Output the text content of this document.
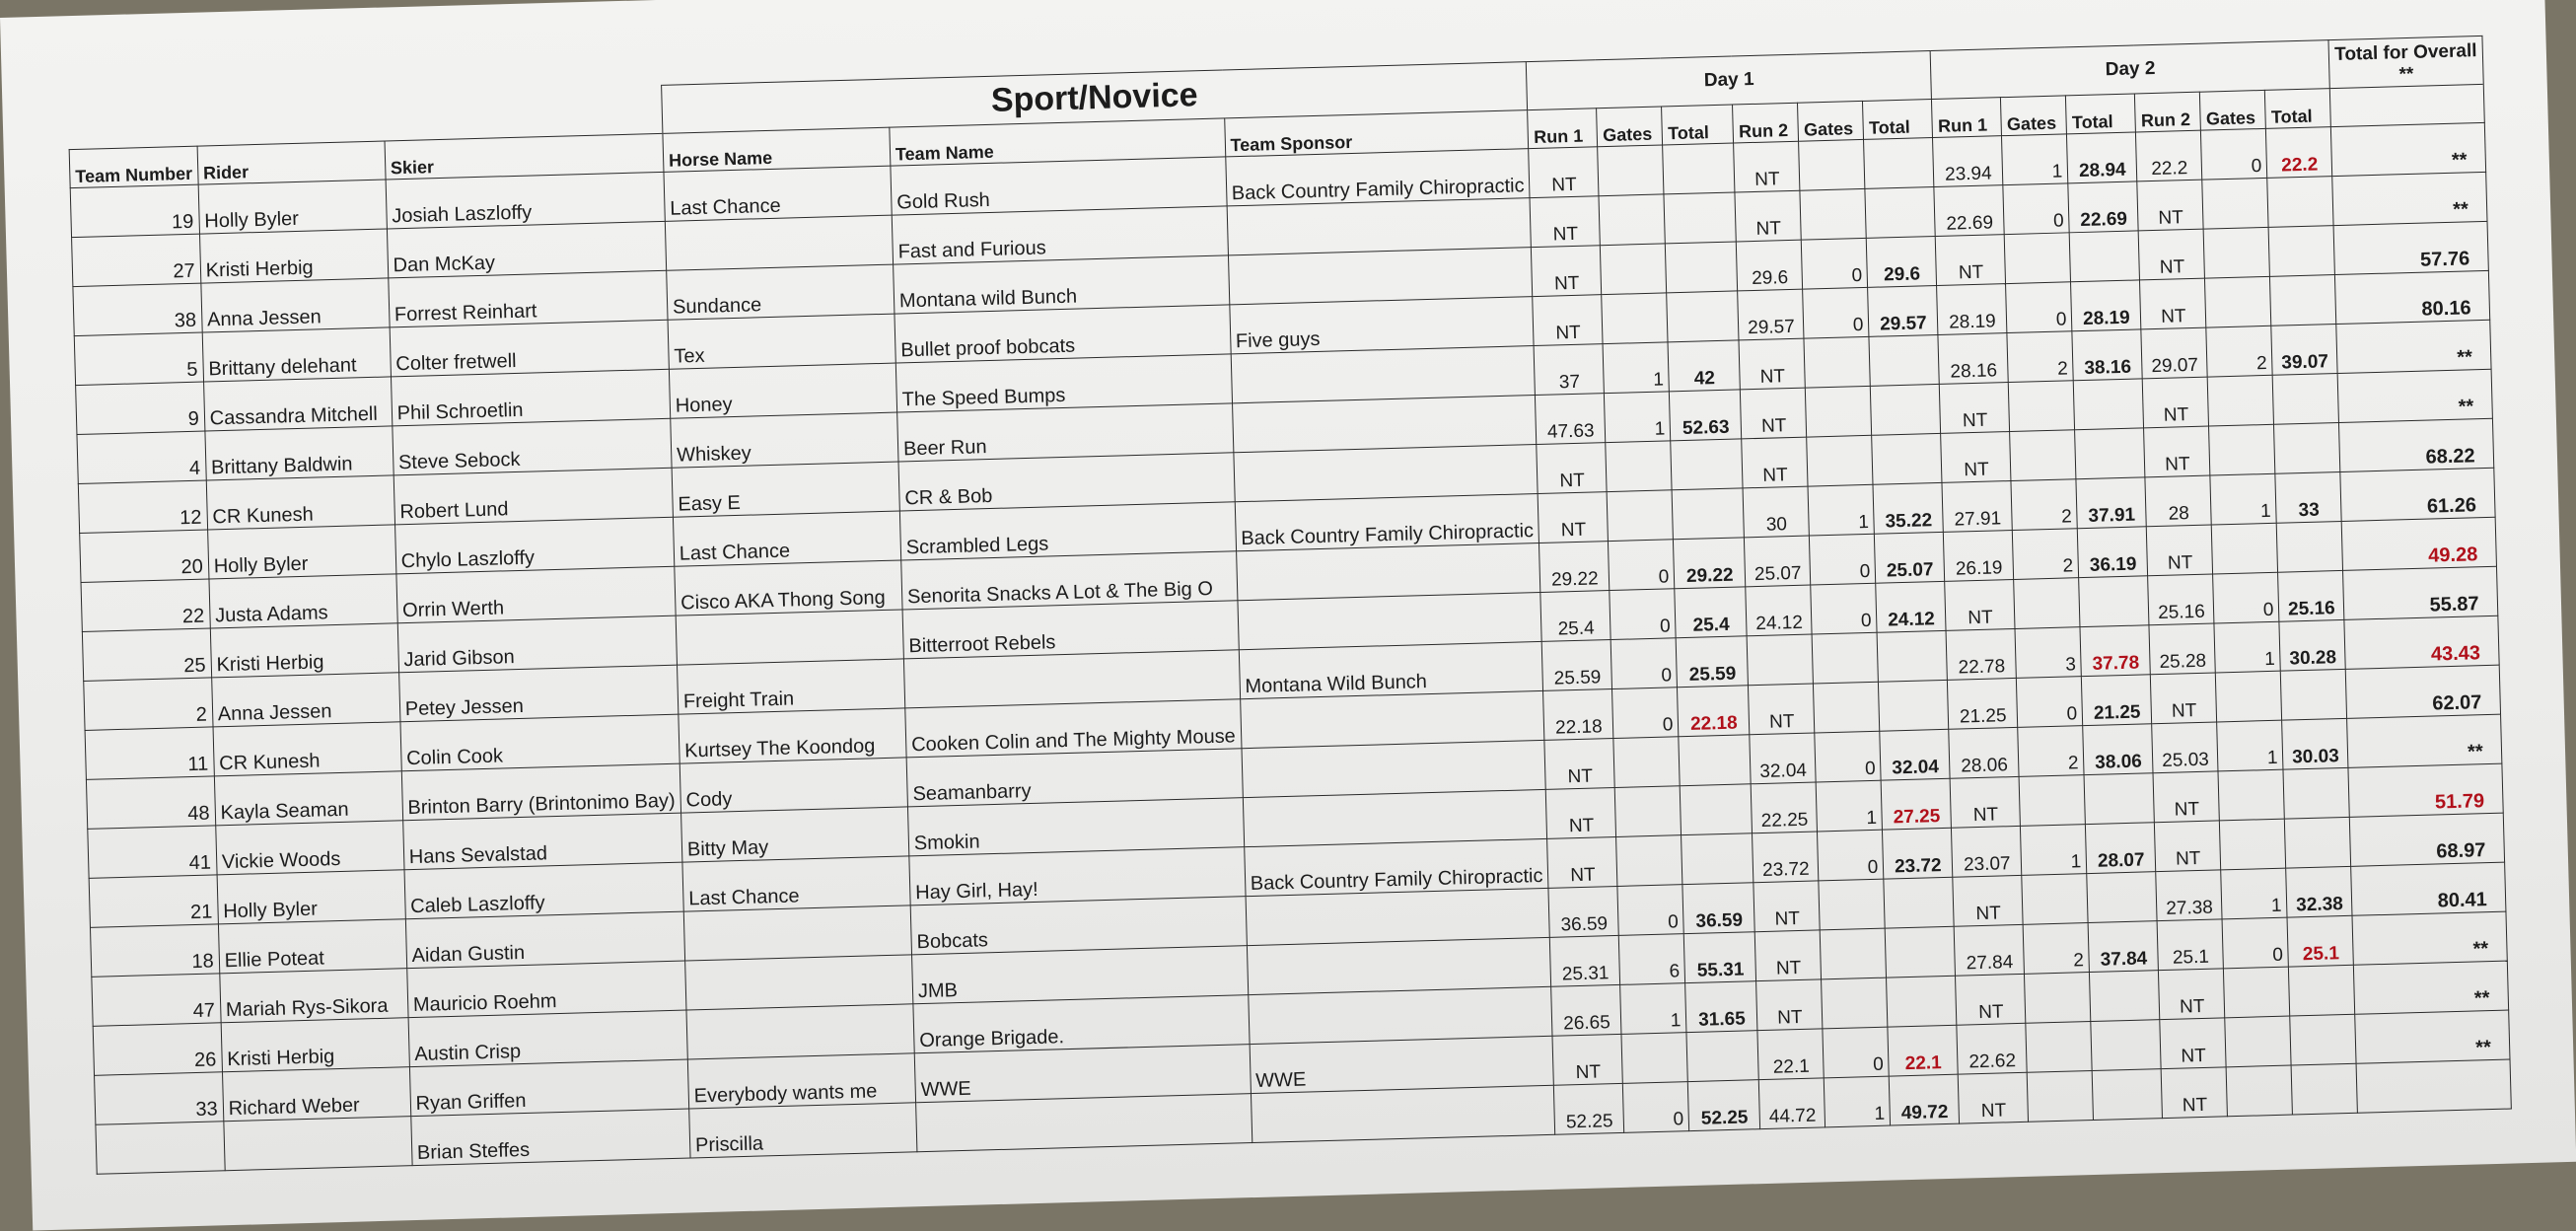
			Sport/Novice			Day 1						Day 2						Total for Overall
**
Team Number	Rider	Skier	Horse Name	Team Name	Team Sponsor	Run 1	Gates	Total	Run 2	Gates	Total	Run 1	Gates	Total	Run 2	Gates	Total	
19	Holly Byler	Josiah Laszloffy	Last Chance	Gold Rush	Back Country Family Chiropractic	NT			NT			23.94	1	28.94	22.2	0	22.2	**
27	Kristi Herbig	Dan McKay		Fast and Furious		NT			NT			22.69	0	22.69	NT			**
38	Anna Jessen	Forrest Reinhart	Sundance	Montana wild Bunch		NT			29.6	0	29.6	NT			NT			57.76
5	Brittany delehant	Colter fretwell	Tex	Bullet proof bobcats	Five guys	NT			29.57	0	29.57	28.19	0	28.19	NT			80.16
9	Cassandra Mitchell	Phil Schroetlin	Honey	The Speed Bumps		37	1	42	NT			28.16	2	38.16	29.07	2	39.07	**
4	Brittany Baldwin	Steve Sebock	Whiskey	Beer Run		47.63	1	52.63	NT			NT			NT			**
12	CR Kunesh	Robert Lund	Easy E	CR & Bob		NT			NT			NT			NT			68.22
20	Holly Byler	Chylo Laszloffy	Last Chance	Scrambled Legs	Back Country Family Chiropractic	NT			30	1	35.22	27.91	2	37.91	28	1	33	61.26
22	Justa Adams	Orrin Werth	Cisco AKA Thong Song	Senorita Snacks A Lot & The Big O		29.22	0	29.22	25.07	0	25.07	26.19	2	36.19	NT			49.28
25	Kristi Herbig	Jarid Gibson		Bitterroot Rebels		25.4	0	25.4	24.12	0	24.12	NT			25.16	0	25.16	55.87
2	Anna Jessen	Petey Jessen	Freight Train		Montana Wild Bunch	25.59	0	25.59				22.78	3	37.78	25.28	1	30.28	43.43
11	CR Kunesh	Colin Cook	Kurtsey The Koondog	Cooken Colin and The Mighty Mouse		22.18	0	22.18	NT			21.25	0	21.25	NT			62.07
48	Kayla Seaman	Brinton Barry (Brintonimo Bay)	Cody	Seamanbarry		NT			32.04	0	32.04	28.06	2	38.06	25.03	1	30.03	**
41	Vickie Woods	Hans Sevalstad	Bitty May	Smokin		NT			22.25	1	27.25	NT			NT			51.79
21	Holly Byler	Caleb Laszloffy	Last Chance	Hay Girl, Hay!	Back Country Family Chiropractic	NT			23.72	0	23.72	23.07	1	28.07	NT			68.97
18	Ellie Poteat	Aidan Gustin		Bobcats		36.59	0	36.59	NT			NT			27.38	1	32.38	80.41
47	Mariah Rys-Sikora	Mauricio Roehm		JMB		25.31	6	55.31	NT			27.84	2	37.84	25.1	0	25.1	**
26	Kristi Herbig	Austin Crisp		Orange Brigade.		26.65	1	31.65	NT			NT			NT			**
33	Richard Weber	Ryan Griffen	Everybody wants me	WWE	WWE	NT			22.1	0	22.1	22.62			NT			**
		Brian Steffes	Priscilla			52.25	0	52.25	44.72	1	49.72	NT			NT			
